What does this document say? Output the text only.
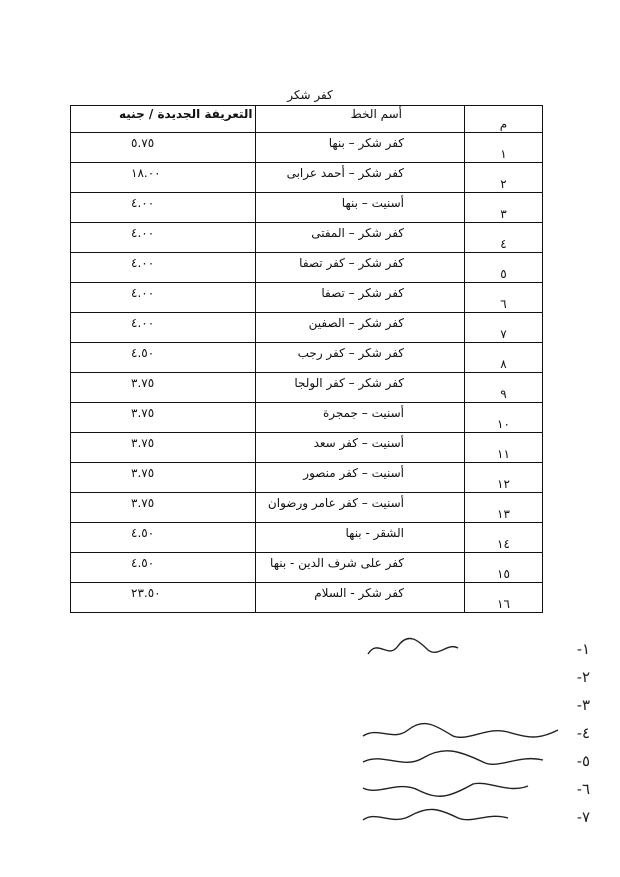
كفر شكر
م	أسم الخط	التعريفة الجديدة / جنيه

١	كفر شكر – بنها	٥.٧٥

٢	كفر شكر – أحمد عرابى	١٨.٠٠

٣	أسنيت – بنها	٤.٠٠

٤	كفر شكر – المفتى	٤.٠٠

٥	كفر شكر – كفر تصفا	٤.٠٠

٦	كفر شكر – تصفا	٤.٠٠

٧	كفر شكر – الصفين	٤.٠٠

٨	كفر شكر – كفر رجب	٤.٥٠

٩	كفر شكر – كفر الولجا	٣.٧٥

١٠	أسنيت – جمجرة	٣.٧٥

١١	أسنيت – كفر سعد	٣.٧٥

١٢	أسنيت – كفر منصور	٣.٧٥

١٣	أسنيت – كفر عامر ورضوان	٣.٧٥

١٤	الشقر - بنها	٤.٥٠

١٥	كفر على شرف الدين - بنها	٤.٥٠

١٦	كفر شكر - السلام	٢٣.٥٠
١-
٢-
٣-
٤-
٥-
٦-
٧-
